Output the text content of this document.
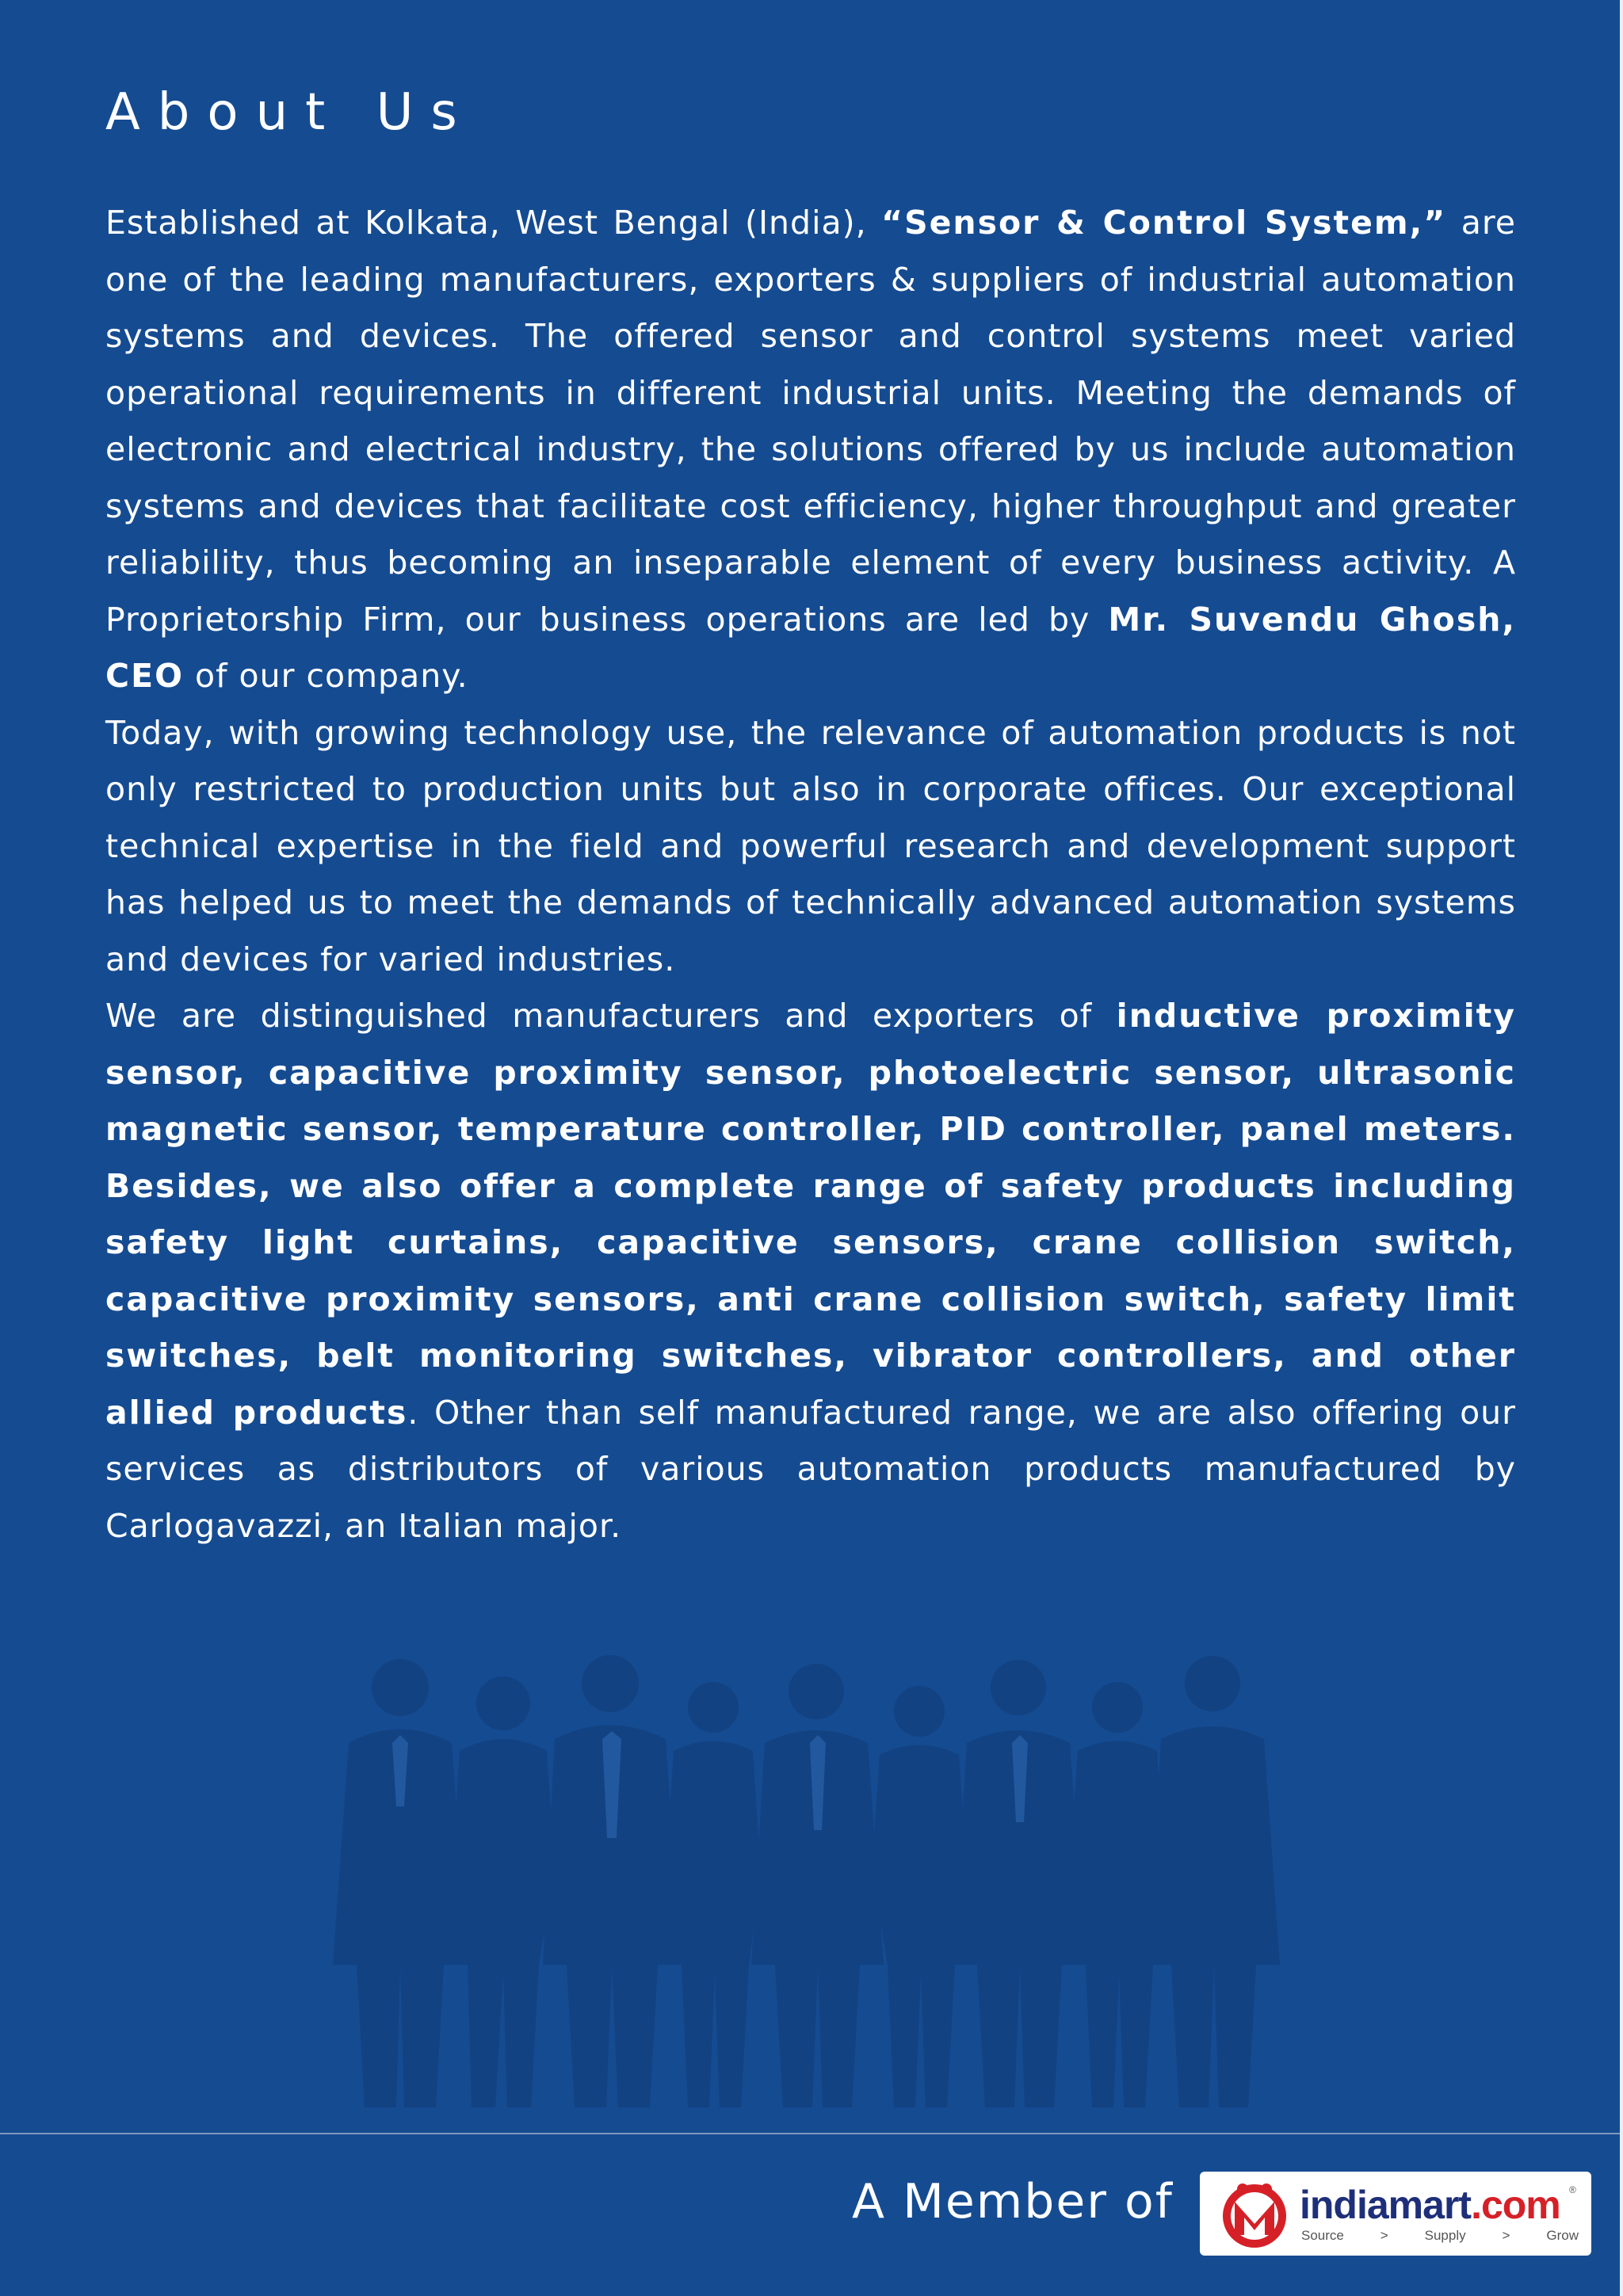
About Us

Established at Kolkata, West Bengal (India), “Sensor & Control System,” are one of the leading manufacturers, exporters & suppliers of industrial automation systems and devices. The offered sensor and control systems meet varied operational requirements in different industrial units. Meeting the demands of electronic and electrical industry, the solutions offered by us include automation systems and devices that facilitate cost efficiency, higher throughput and greater reliability, thus becoming an inseparable element of every business activity. A Proprietorship Firm, our business operations are led by Mr. Suvendu Ghosh, CEO of our company.

Today, with growing technology use, the relevance of automation products is not only restricted to production units but also in corporate offices. Our exceptional technical expertise in the field and powerful research and development support has helped us to meet the demands of technically advanced automation systems and devices for varied industries.

We are distinguished manufacturers and exporters of inductive proximity sensor, capacitive proximity sensor, photoelectric sensor, ultrasonic magnetic sensor, temperature controller, PID controller, panel meters. Besides, we also offer a complete range of safety products including safety light curtains, capacitive sensors, crane collision switch, capacitive proximity sensors, anti crane collision switch, safety limit switches, belt monitoring switches, vibrator controllers, and other allied products. Other than self manufactured range, we are also offering our services as distributors of various automation products manufactured by Carlogavazzi, an Italian major.

A Member of	indiamart.com ®
Source	>	Supply	>	Grow
